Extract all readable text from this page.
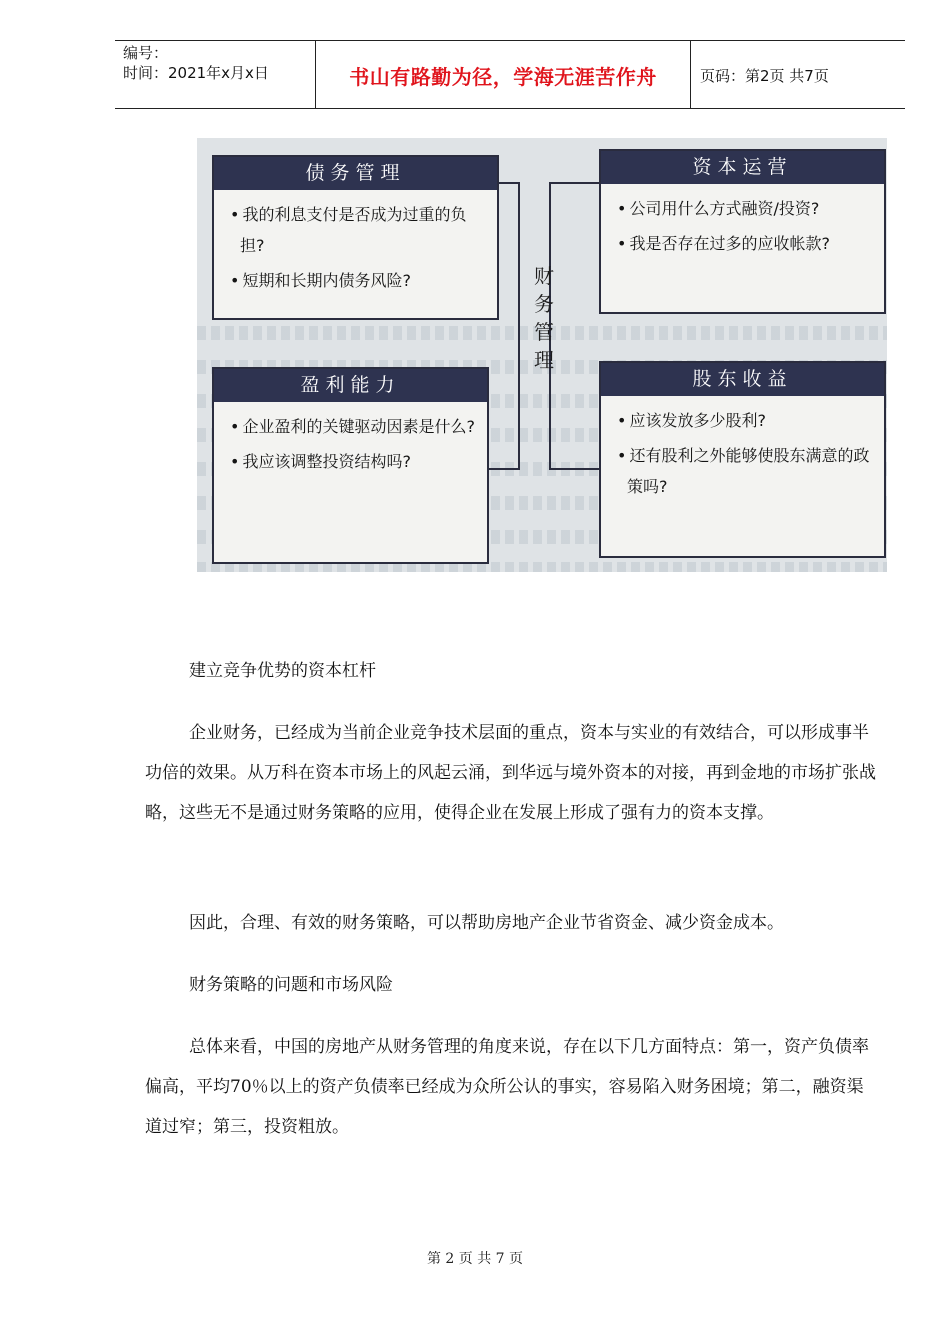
编号：
时间：2021年x月x日	书山有路勤为径，学海无涯苦作舟	页码：第2页 共7页
财
务
管
理
债务管理

• 我的利息支付是否成为过重的负担?

• 短期和长期内债务风险?

资本运营

• 公司用什么方式融资/投资?

• 我是否存在过多的应收帐款?

盈利能力

• 企业盈利的关键驱动因素是什么?

• 我应该调整投资结构吗?

股东收益

• 应该发放多少股利?

• 还有股利之外能够使股东满意的政策吗?

建立竞争优势的资本杠杆

企业财务，已经成为当前企业竞争技术层面的重点，资本与实业的有效结合，可以形成事半功倍的效果。从万科在资本市场上的风起云涌，到华远与境外资本的对接，再到金地的市场扩张战略，这些无不是通过财务策略的应用，使得企业在发展上形成了强有力的资本支撑。

因此，合理、有效的财务策略，可以帮助房地产企业节省资金、减少资金成本。

财务策略的问题和市场风险

总体来看，中国的房地产从财务管理的角度来说，存在以下几方面特点：第一，资产负债率偏高，平均70％以上的资产负债率已经成为众所公认的事实，容易陷入财务困境；第二，融资渠道过窄；第三，投资粗放。

第 2 页 共 7 页
